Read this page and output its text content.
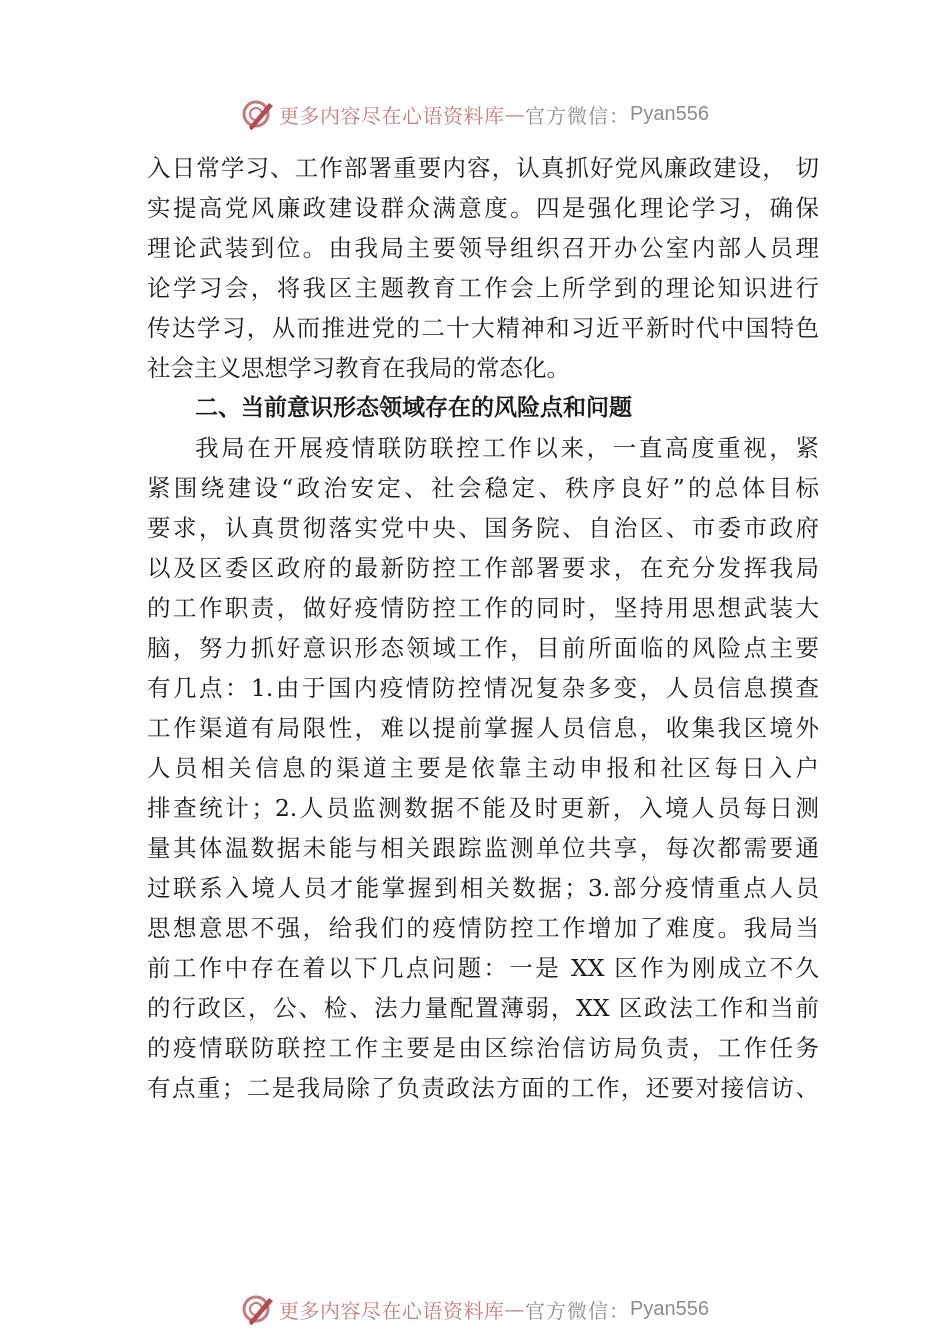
更多内容尽在心语资料库 — 官方微信： Pyan556
入日常学习、工作部署重要内容，认真抓好党风廉政建设， 切
实提高党风廉政建设群众满意度。四是强化理论学习，确保
理论武装到位。由我局主要领导组织召开办公室内部人员理
论学习会，将我区主题教育工作会上所学到的理论知识进行
传达学习，从而推进党的二十大精神和习近平新时代中国特色
社会主义思想学习教育在我局的常态化。
二、当前意识形态领域存在的风险点和问题
我局在开展疫情联防联控工作以来，一直高度重视，紧
紧围绕建设“政治安定、社会稳定、秩序良好”的总体目标
要求，认真贯彻落实党中央、国务院、自治区、市委市政府
以及区委区政府的最新防控工作部署要求，在充分发挥我局
的工作职责，做好疫情防控工作的同时，坚持用思想武装大
脑，努力抓好意识形态领域工作，目前所面临的风险点主要
有几点：1.由于国内疫情防控情况复杂多变，人员信息摸查
工作渠道有局限性，难以提前掌握人员信息，收集我区境外
人员相关信息的渠道主要是依靠主动申报和社区每日入户
排查统计；2.人员监测数据不能及时更新，入境人员每日测
量其体温数据未能与相关跟踪监测单位共享，每次都需要通
过联系入境人员才能掌握到相关数据；3.部分疫情重点人员
思想意思不强，给我们的疫情防控工作增加了难度。我局当
前工作中存在着以下几点问题：一是 XX 区作为刚成立不久
的行政区，公、检、法力量配置薄弱，XX 区政法工作和当前
的疫情联防联控工作主要是由区综治信访局负责，工作任务
有点重；二是我局除了负责政法方面的工作，还要对接信访、
更多内容尽在心语资料库 — 官方微信： Pyan556
